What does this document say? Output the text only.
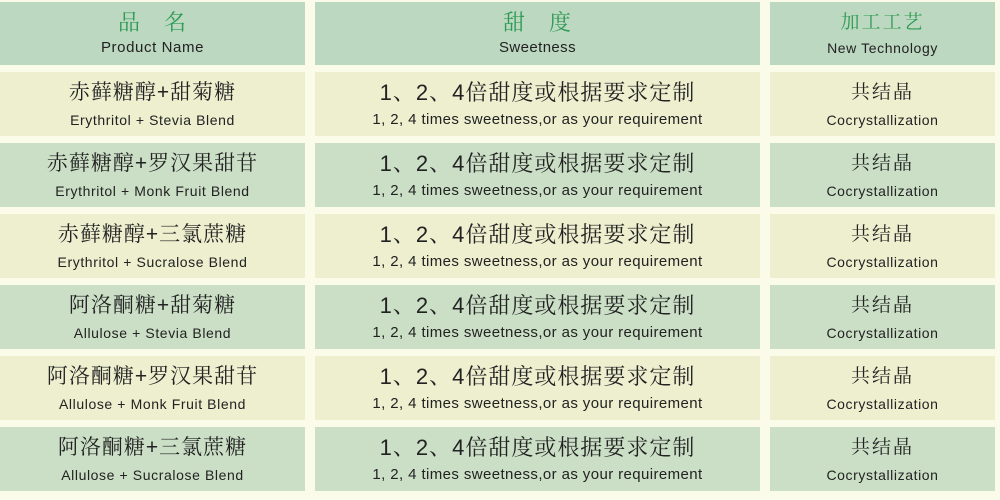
品　名
Product Name
甜　度
Sweetness
加工工艺
New Technology
赤藓糖醇+甜菊糖
Erythritol + Stevia Blend
1、2、4倍甜度或根据要求定制
1, 2, 4 times sweetness,or as your requirement
共结晶
Cocrystallization
赤藓糖醇+罗汉果甜苷
Erythritol + Monk Fruit Blend
1、2、4倍甜度或根据要求定制
1, 2, 4 times sweetness,or as your requirement
共结晶
Cocrystallization
赤藓糖醇+三氯蔗糖
Erythritol + Sucralose Blend
1、2、4倍甜度或根据要求定制
1, 2, 4 times sweetness,or as your requirement
共结晶
Cocrystallization
阿洛酮糖+甜菊糖
Allulose + Stevia Blend
1、2、4倍甜度或根据要求定制
1, 2, 4 times sweetness,or as your requirement
共结晶
Cocrystallization
阿洛酮糖+罗汉果甜苷
Allulose + Monk Fruit Blend
1、2、4倍甜度或根据要求定制
1, 2, 4 times sweetness,or as your requirement
共结晶
Cocrystallization
阿洛酮糖+三氯蔗糖
Allulose + Sucralose Blend
1、2、4倍甜度或根据要求定制
1, 2, 4 times sweetness,or as your requirement
共结晶
Cocrystallization
